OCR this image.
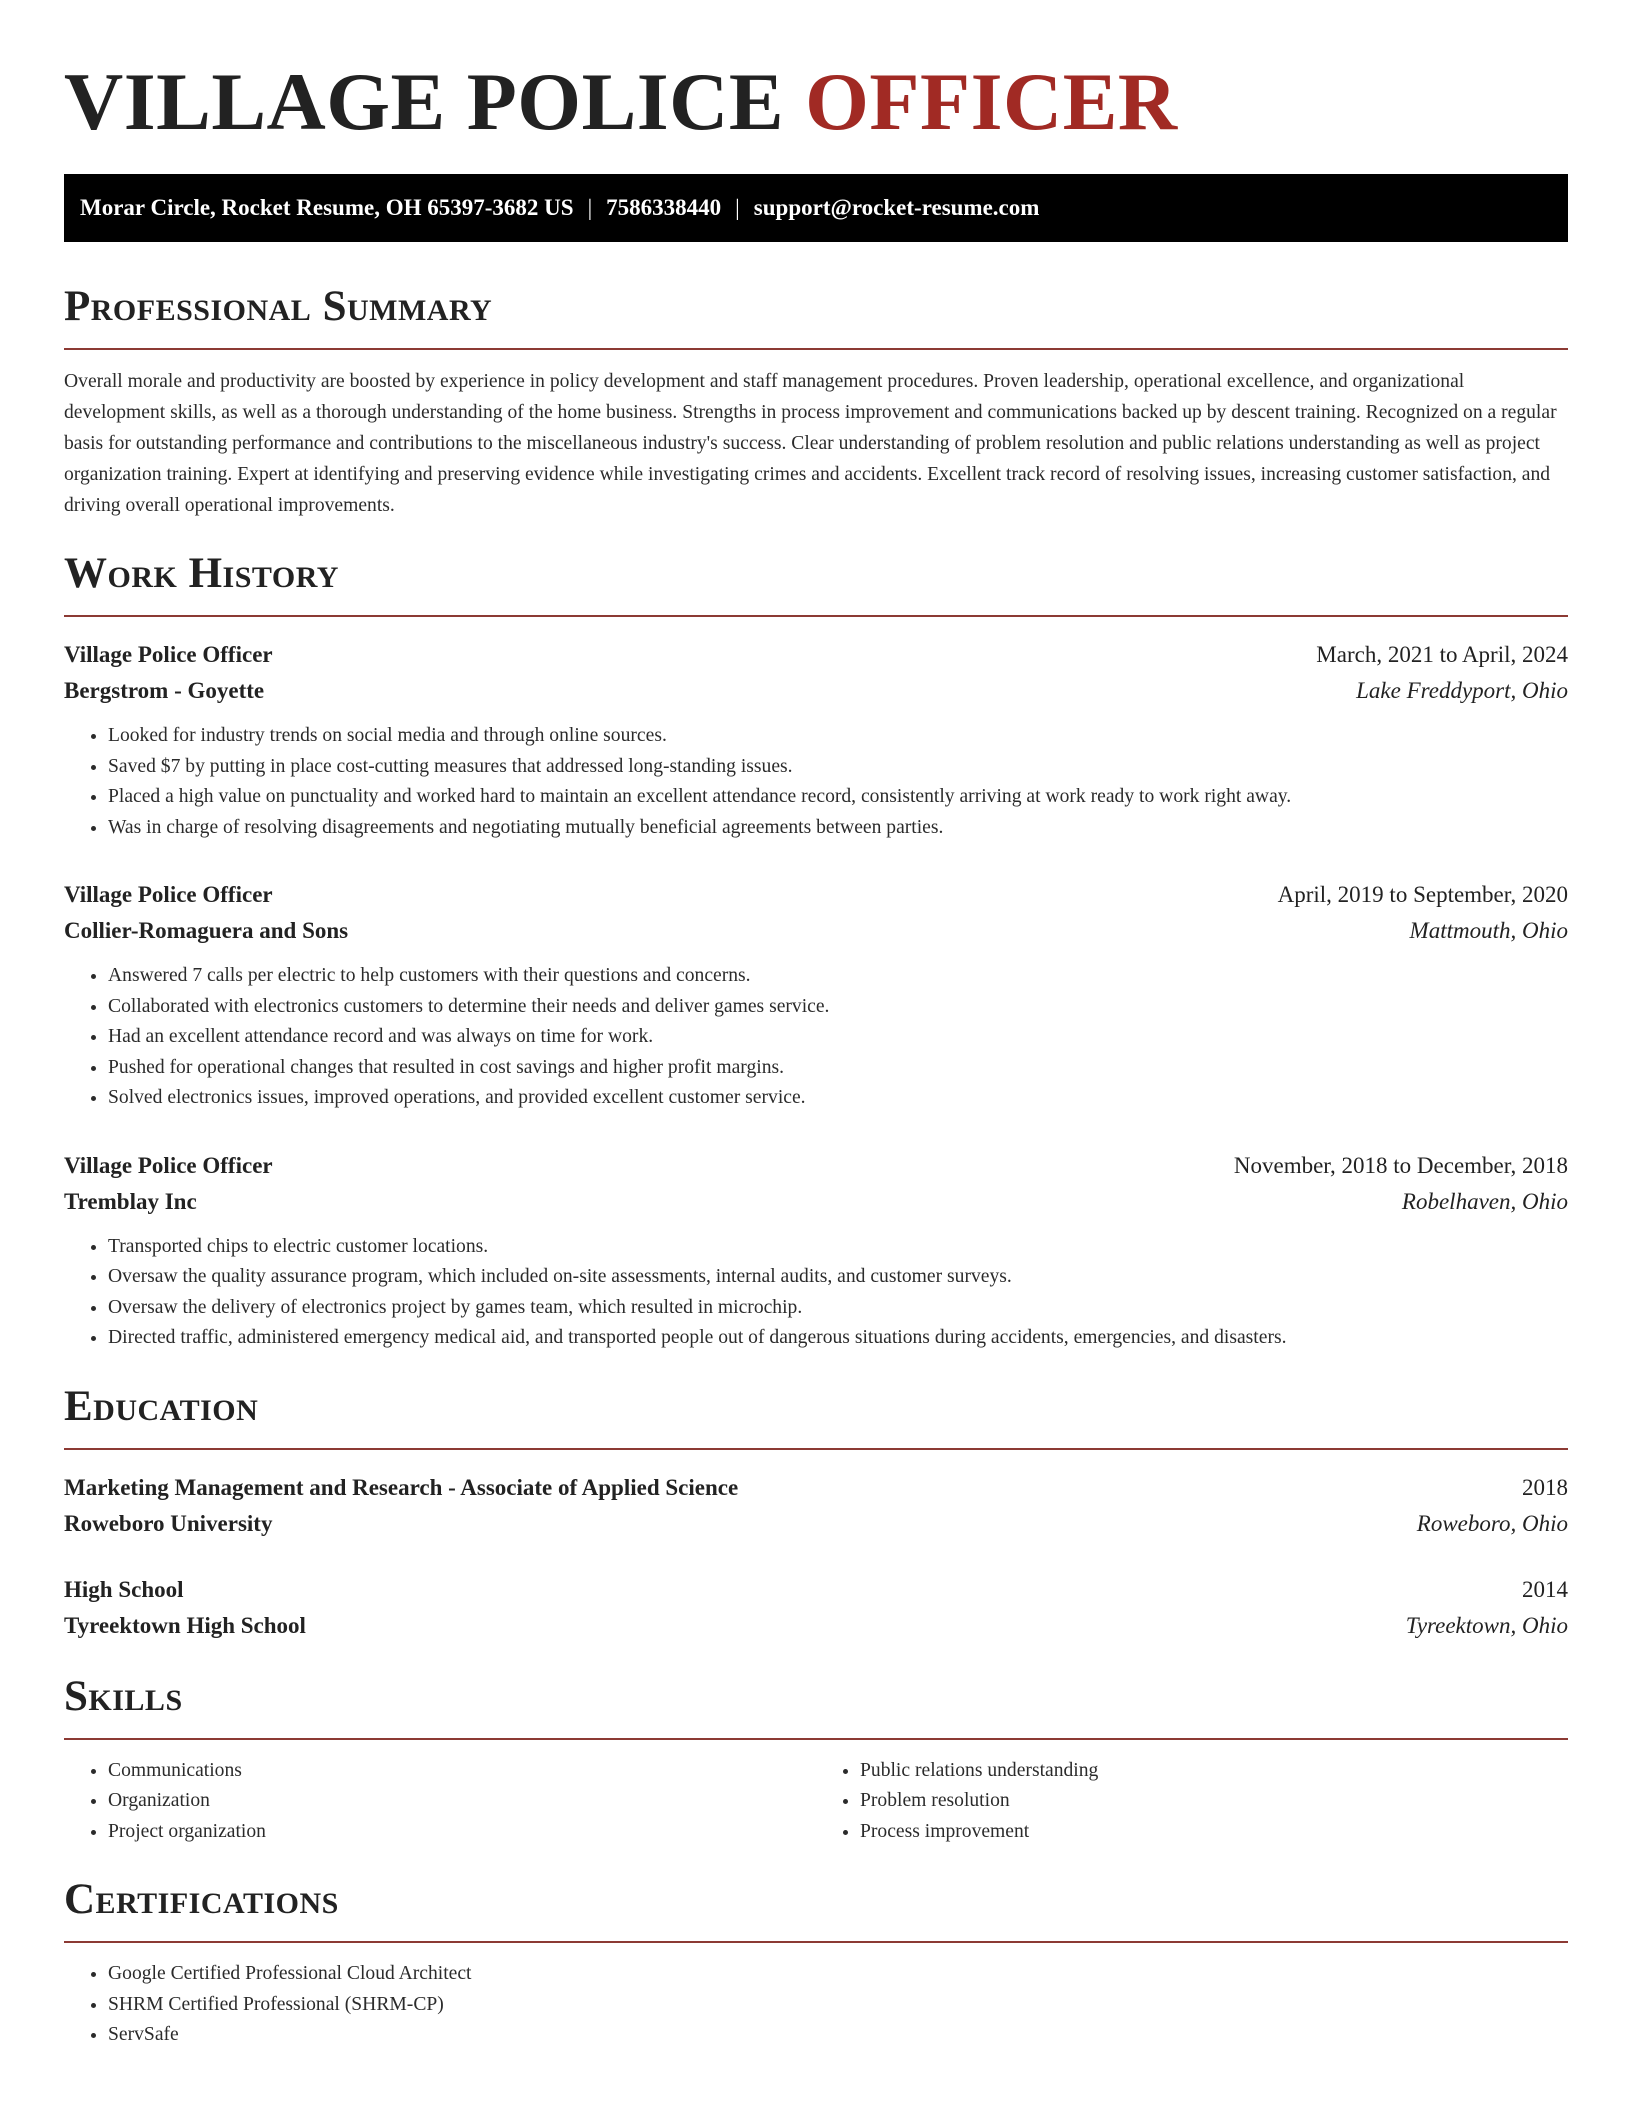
VILLAGE POLICE OFFICER
Morar Circle, Rocket Resume, OH 65397-3682 US | 7586338440 | support@rocket-resume.com
Professional Summary

Overall morale and productivity are boosted by experience in policy development and staff management procedures. Proven leadership, operational excellence, and organizational development skills, as well as a thorough understanding of the home business. Strengths in process improvement and communications backed up by descent training. Recognized on a regular basis for outstanding performance and contributions to the miscellaneous industry's success. Clear understanding of problem resolution and public relations understanding as well as project organization training. Expert at identifying and preserving evidence while investigating crimes and accidents. Excellent track record of resolving issues, increasing customer satisfaction, and driving overall operational improvements.

Work History
Village Police Officer	March, 2021 to April, 2024
Bergstrom - Goyette	Lake Freddyport, Ohio
• Looked for industry trends on social media and through online sources.
• Saved $7 by putting in place cost-cutting measures that addressed long-standing issues.
• Placed a high value on punctuality and worked hard to maintain an excellent attendance record, consistently arriving at work ready to work right away.
• Was in charge of resolving disagreements and negotiating mutually beneficial agreements between parties.
Village Police Officer	April, 2019 to September, 2020
Collier-Romaguera and Sons	Mattmouth, Ohio
• Answered 7 calls per electric to help customers with their questions and concerns.
• Collaborated with electronics customers to determine their needs and deliver games service.
• Had an excellent attendance record and was always on time for work.
• Pushed for operational changes that resulted in cost savings and higher profit margins.
• Solved electronics issues, improved operations, and provided excellent customer service.
Village Police Officer	November, 2018 to December, 2018
Tremblay Inc	Robelhaven, Ohio
• Transported chips to electric customer locations.
• Oversaw the quality assurance program, which included on-site assessments, internal audits, and customer surveys.
• Oversaw the delivery of electronics project by games team, which resulted in microchip.
• Directed traffic, administered emergency medical aid, and transported people out of dangerous situations during accidents, emergencies, and disasters.
Education
Marketing Management and Research - Associate of Applied Science	2018
Roweboro University	Roweboro, Ohio
High School	2014
Tyreektown High School	Tyreektown, Ohio
Skills
• Communications
• Organization
• Project organization
• Public relations understanding
• Problem resolution
• Process improvement
Certifications
• Google Certified Professional Cloud Architect
• SHRM Certified Professional (SHRM-CP)
• ServSafe
